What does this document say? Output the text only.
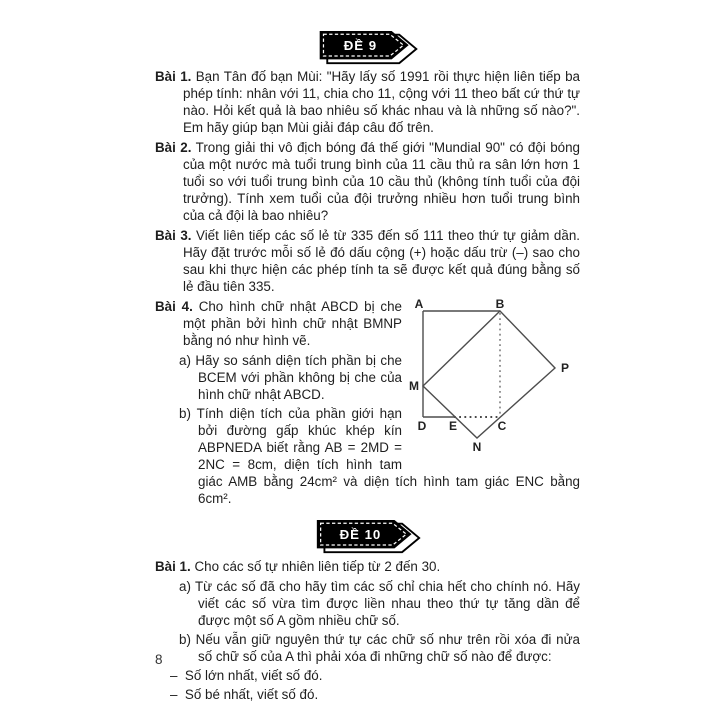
ĐỀ 9

Bài 1. Bạn Tân đố bạn Mùi: "Hãy lấy số 1991 rồi thực hiện liên tiếp ba phép tính: nhân với 11, chia cho 11, cộng với 11 theo bất cứ thứ tự nào. Hỏi kết quả là bao nhiêu số khác nhau và là những số nào?". Em hãy giúp bạn Mùi giải đáp câu đố trên.

Bài 2. Trong giải thi vô địch bóng đá thế giới "Mundial 90" có đội bóng của một nước mà tuổi trung bình của 11 cầu thủ ra sân lớn hơn 1 tuổi so với tuổi trung bình của 10 cầu thủ (không tính tuổi của đội trưởng). Tính xem tuổi của đội trưởng nhiều hơn tuổi trung bình của cả đội là bao nhiêu?

Bài 3. Viết liên tiếp các số lẻ từ 335 đến số 111 theo thứ tự giảm dần. Hãy đặt trước mỗi số lẻ đó dấu cộng (+) hoặc dấu trừ (–) sao cho sau khi thực hiện các phép tính ta sẽ được kết quả đúng bằng số lẻ đầu tiên 335.

A	B
P
M
D E	C
N

Bài 4. Cho hình chữ nhật ABCD bị che một phần bởi hình chữ nhật BMNP bằng nó như hình vẽ.

a) Hãy so sánh diện tích phần bị che BCEM với phần không bị che của hình chữ nhật ABCD.

b) Tính diện tích của phần giới hạn bởi đường gấp khúc khép kín ABPNEDA biết rằng AB = 2MD = 2NC = 8cm, diện tích hình tam giác AMB bằng 24cm² và diện tích hình tam giác ENC bằng 6cm².

ĐỀ 10

Bài 1. Cho các số tự nhiên liên tiếp từ 2 đến 30.

a) Từ các số đã cho hãy tìm các số chỉ chia hết cho chính nó. Hãy viết các số vừa tìm được liền nhau theo thứ tự tăng dần để được một số A gồm nhiều chữ số.

b) Nếu vẫn giữ nguyên thứ tự các chữ số như trên rồi xóa đi nửa số chữ số của A thì phải xóa đi những chữ số nào để được:

– Số lớn nhất, viết số đó.

– Số bé nhất, viết số đó.

8
